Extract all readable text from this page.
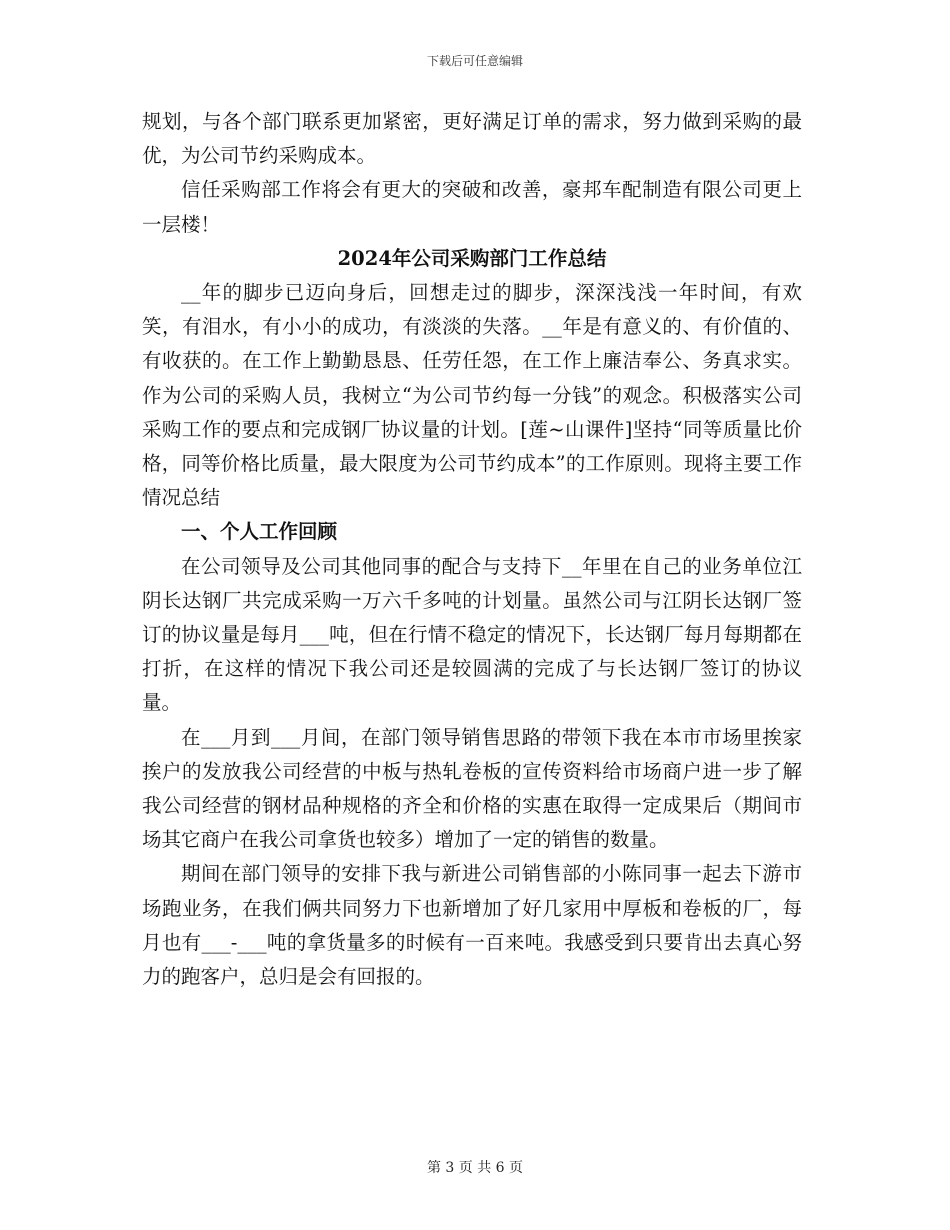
下载后可任意编辑

规划，与各个部门联系更加紧密，更好满足订单的需求，努力做到采购的最优，为公司节约采购成本。

信任采购部工作将会有更大的突破和改善，豪邦车配制造有限公司更上一层楼！

2024年公司采购部门工作总结

__年的脚步已迈向身后，回想走过的脚步，深深浅浅一年时间，有欢笑，有泪水，有小小的成功，有淡淡的失落。__年是有意义的、有价值的、有收获的。在工作上勤勤恳恳、任劳任怨，在工作上廉洁奉公、务真求实。作为公司的采购人员，我树立“为公司节约每一分钱”的观念。积极落实公司采购工作的要点和完成钢厂协议量的计划。[莲~山课件]坚持“同等质量比价格，同等价格比质量，最大限度为公司节约成本”的工作原则。现将主要工作情况总结

一、个人工作回顾

在公司领导及公司其他同事的配合与支持下__年里在自己的业务单位江阴长达钢厂共完成采购一万六千多吨的计划量。虽然公司与江阴长达钢厂签订的协议量是每月___吨，但在行情不稳定的情况下，长达钢厂每月每期都在打折，在这样的情况下我公司还是较圆满的完成了与长达钢厂签订的协议量。

在___月到___月间，在部门领导销售思路的带领下我在本市市场里挨家挨户的发放我公司经营的中板与热轧卷板的宣传资料给市场商户进一步了解我公司经营的钢材品种规格的齐全和价格的实惠在取得一定成果后（期间市场其它商户在我公司拿货也较多）增加了一定的销售的数量。

期间在部门领导的安排下我与新进公司销售部的小陈同事一起去下游市场跑业务，在我们俩共同努力下也新增加了好几家用中厚板和卷板的厂，每月也有___-___吨的拿货量多的时候有一百来吨。我感受到只要肯出去真心努力的跑客户，总归是会有回报的。

第 3 页 共 6 页
